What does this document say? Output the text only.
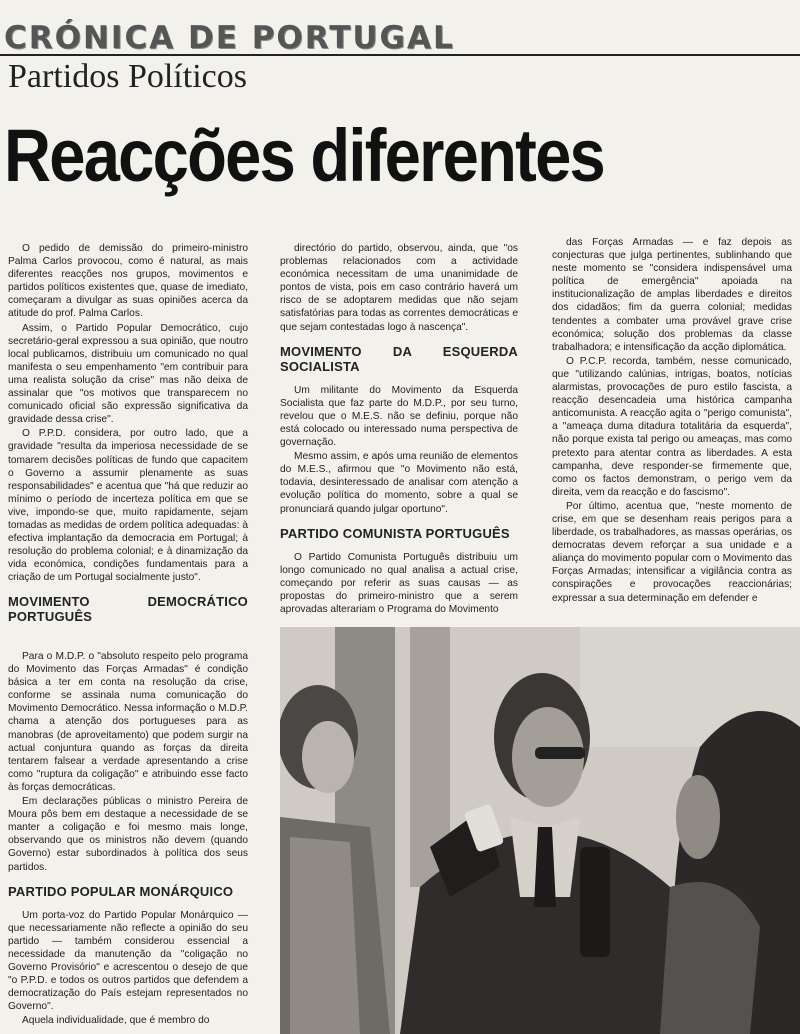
CRÓNICA DE PORTUGAL
Partidos Políticos
Reacções diferentes

O pedido de demissão do primeiro-ministro Palma Carlos provocou, como é natural, as mais diferentes reacções nos grupos, movimentos e partidos políticos existentes que, quase de imediato, começaram a divulgar as suas opiniões acerca da atitude do prof. Palma Carlos.

Assim, o Partido Popular Democrático, cujo secretário-geral expressou a sua opinião, que noutro local publicamos, distribuiu um comunicado no qual manifesta o seu empenhamento "em contribuir para uma realista solução da crise" mas não deixa de assinalar que "os motivos que transparecem no comunicado oficial são expressão significativa da gravidade dessa crise".

O P.P.D. considera, por outro lado, que a gravidade "resulta da imperiosa necessidade de se tomarem decisões políticas de fundo que capacitem o Governo a assumir plenamente as suas responsabilidades" e acentua que "há que reduzir ao mínimo o período de incerteza política em que se vive, impondo-se que, muito rapidamente, sejam tomadas as medidas de ordem política adequadas: à efectiva implantação da democracia em Portugal; à resolução do problema colonial; e à dinamização da vida económica, condições fundamentais para a criação de um Portugal socialmente justo".

MOVIMENTO DEMOCRÁTICO PORTUGUÊS

Para o M.D.P. o "absoluto respeito pelo programa do Movimento das Forças Armadas" é condição básica a ter em conta na resolução da crise, conforme se assinala numa comunicação do Movimento Democrático. Nessa informação o M.D.P. chama a atenção dos portugueses para as manobras (de aproveitamento) que podem surgir na actual conjuntura quando as forças da direita tentarem falsear a verdade apresentando a crise como "ruptura da coligação" e atribuindo esse facto às forças democráticas.

Em declarações públicas o ministro Pereira de Moura pôs bem em destaque a necessidade de se manter a coligação e foi mesmo mais longe, observando que os ministros não devem (quando Governo) estar subordinados à política dos seus partidos.

PARTIDO POPULAR MONÁRQUICO

Um porta-voz do Partido Popular Monárquico — que necessariamente não reflecte a opinião do seu partido — também considerou essencial a necessidade da manutenção da "coligação no Governo Provisório" e acrescentou o desejo de que "o P.P.D. e todos os outros partidos que defendem a democratização do País estejam representados no Governo".

Aquela individualidade, que é membro do

directório do partido, observou, ainda, que "os problemas relacionados com a actividade económica necessitam de uma unanimidade de pontos de vista, pois em caso contrário haverá um risco de se adoptarem medidas que não sejam satisfatórias para todas as correntes democráticas e que sejam contestadas logo à nascença".

MOVIMENTO DA ESQUERDA SOCIALISTA

Um militante do Movimento da Esquerda Socialista que faz parte do M.D.P., por seu turno, revelou que o M.E.S. não se definiu, porque não está colocado ou interessado numa perspectiva de governação.

Mesmo assim, e após uma reunião de elementos do M.E.S., afirmou que "o Movimento não está, todavia, desinteressado de analisar com atenção a evolução política do momento, sobre a qual se pronunciará quando julgar oportuno".

PARTIDO COMUNISTA PORTUGUÊS

O Partido Comunista Português distribuiu um longo comunicado no qual analisa a actual crise, começando por referir as suas causas — as propostas do primeiro-ministro que a serem aprovadas alterariam o Programa do Movimento

das Forças Armadas — e faz depois as conjecturas que julga pertinentes, sublinhando que neste momento se "considera indispensável uma política de emergência" apoiada na institucionalização de amplas liberdades e direitos dos cidadãos; fim da guerra colonial; medidas tendentes a combater uma provável grave crise económica; solução dos problemas da classe trabalhadora; e intensificação da acção diplomática.

O P.C.P. recorda, também, nesse comunicado, que "utilizando calúnias, intrigas, boatos, notícias alarmistas, provocações de puro estilo fascista, a reacção desencadeia uma histórica campanha anticomunista. A reacção agita o "perigo comunista", a "ameaça duma ditadura totalitária da esquerda", não porque exista tal perigo ou ameaças, mas como pretexto para atentar contra as liberdades. A esta campanha, deve responder-se firmemente que, como os factos demonstram, o perigo vem da direita, vem da reacção e do fascismo".

Por último, acentua que, "neste momento de crise, em que se desenham reais perigos para a liberdade, os trabalhadores, as massas operárias, os democratas devem reforçar a sua unidade e a aliança do movimento popular com o Movimento das Forças Armadas; intensificar a vigilância contra as conspirações e provocações reaccionárias; expressar a sua determinação em defender e
